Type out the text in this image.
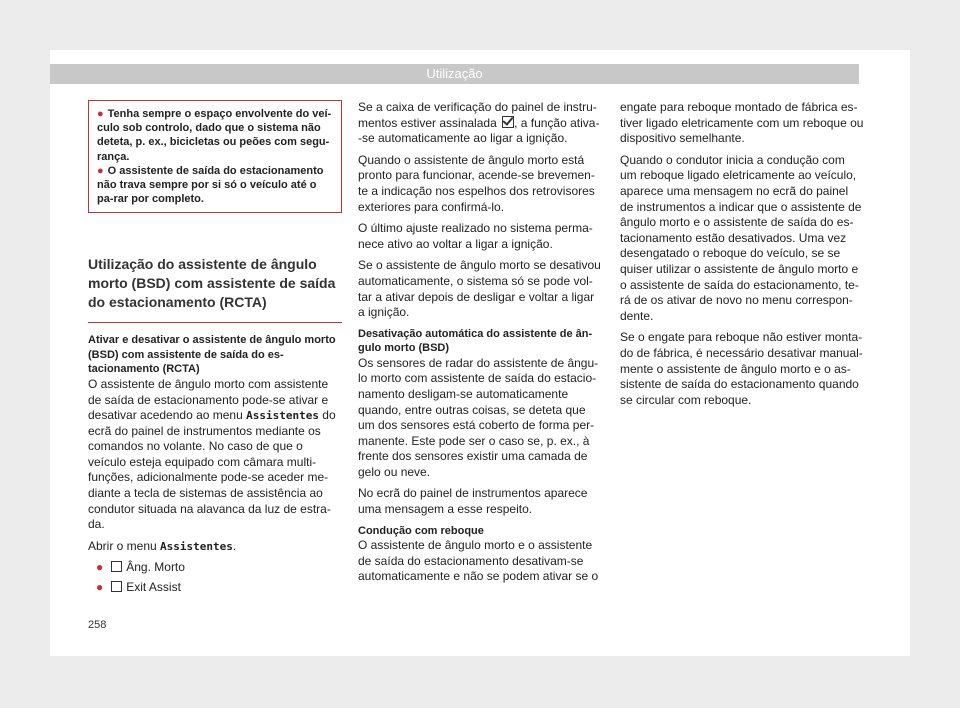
Utilização

● Tenha sempre o espaço envolvente do veí-culo sob controlo, dado que o sistema não deteta, p. ex., bicicletas ou peões com segu-rança.

● O assistente de saída do estacionamento não trava sempre por si só o veículo até o pa-rar por completo.

Utilização do assistente de ângulo morto (BSD) com assistente de saída do estacionamento (RCTA)
Ativar e desativar o assistente de ângulo morto (BSD) com assistente de saída do es-tacionamento (RCTA)

O assistente de ângulo morto com assistente de saída de estacionamento pode-se ativar e desativar acedendo ao menu Assistentes do ecrã do painel de instrumentos mediante os comandos no volante. No caso de que o veículo esteja equipado com câmara multi-funções, adicionalmente pode-se aceder me-diante a tecla de sistemas de assistência ao condutor situada na alavanca da luz de estra-da.

Abrir o menu Assistentes.

● Âng. Morto
● Exit Assist

Se a caixa de verificação do painel de instru-mentos estiver assinalada , a função ativa--se automaticamente ao ligar a ignição.

Quando o assistente de ângulo morto está pronto para funcionar, acende-se brevemen-te a indicação nos espelhos dos retrovisores exteriores para confirmá-lo.

O último ajuste realizado no sistema perma-nece ativo ao voltar a ligar a ignição.

Se o assistente de ângulo morto se desativou automaticamente, o sistema só se pode vol-tar a ativar depois de desligar e voltar a ligar a ignição.

Desativação automática do assistente de ân-gulo morto (BSD)

Os sensores de radar do assistente de ângu-lo morto com assistente de saída do estacio-namento desligam-se automaticamente quando, entre outras coisas, se deteta que um dos sensores está coberto de forma per-manente. Este pode ser o caso se, p. ex., à frente dos sensores existir uma camada de gelo ou neve.

No ecrã do painel de instrumentos aparece uma mensagem a esse respeito.

Condução com reboque

O assistente de ângulo morto e o assistente de saída do estacionamento desativam-se automaticamente e não se podem ativar se o

engate para reboque montado de fábrica es-tiver ligado eletricamente com um reboque ou dispositivo semelhante.

Quando o condutor inicia a condução com um reboque ligado eletricamente ao veículo, aparece uma mensagem no ecrã do painel de instrumentos a indicar que o assistente de ângulo morto e o assistente de saída do es-tacionamento estão desativados. Uma vez desengatado o reboque do veículo, se se quiser utilizar o assistente de ângulo morto e o assistente de saída do estacionamento, te-rá de os ativar de novo no menu correspon-dente.

Se o engate para reboque não estiver monta-do de fábrica, é necessário desativar manual-mente o assistente de ângulo morto e o as-sistente de saída do estacionamento quando se circular com reboque.

258
